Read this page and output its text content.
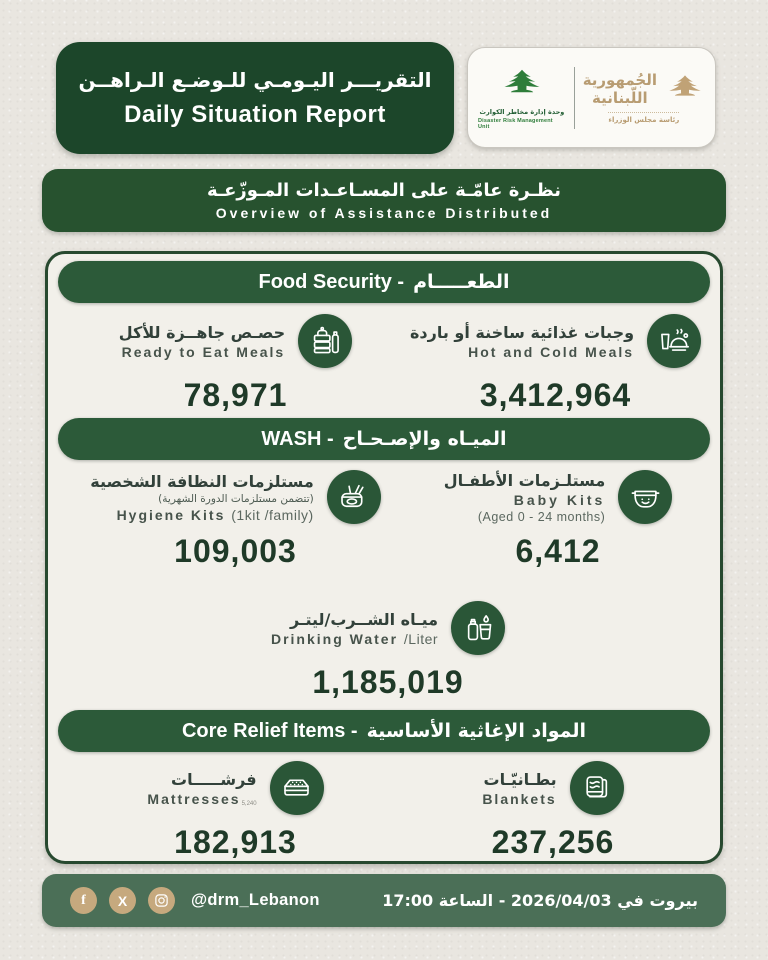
التقريـــر اليـومـي للـوضـع الـراهــن
Daily Situation Report	وحدة إدارة مخاطر الكوارث
Disaster Risk Management Unit
الجُمهورية
اللّبنانية
رئاسة مجلس الوزراء
نظـرة عامّـة على المسـاعـدات المـوزّعـة
Overview of Assistance Distributed
Food Security - الطعـــــام
حصـص جاهــزة للأكل
Ready to Eat Meals
78,971
وجبات غذائية ساخنة أو باردة
Hot and Cold Meals
3,412,964
WASH - الميـاه والإصـحـاح
مستلزمات النظافة الشخصية
(تتضمن مستلزمات الدورة الشهرية)
Hygiene Kits (1kit /family)
109,003
مستلـزمات الأطفـال
Baby Kits
(Aged 0 - 24 months)
6,412
ميـاه الشــرب/ليتـر
Drinking Water /Liter
1,185,019
Core Relief Items - المواد الإغاثية الأساسية
فرشـــــات
Mattresses 5,240
182,913
بطـانيّـات
Blankets
237,256
f	X	@drm_Lebanon	بيروت في 2026/04/03 - الساعة 17:00
